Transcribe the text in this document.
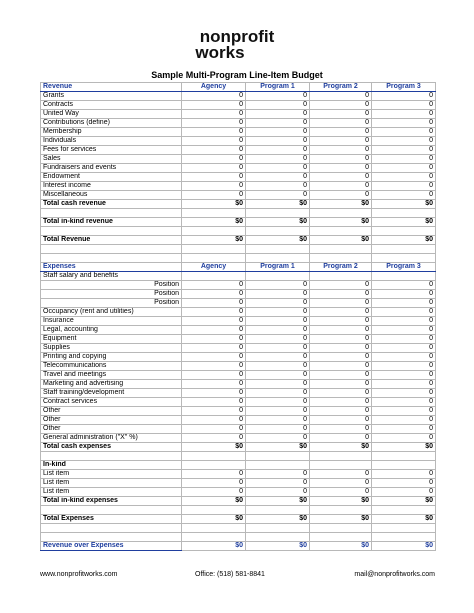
nonprofit
works
Sample Multi-Program Line-Item Budget
Revenue	Agency	Program 1	Program 2	Program 3
Grants	0	0	0	0
Contracts	0	0	0	0
United Way	0	0	0	0
Contributions (define)	0	0	0	0
Membership	0	0	0	0
Individuals	0	0	0	0
Fees for services	0	0	0	0
Sales	0	0	0	0
Fundraisers and events	0	0	0	0
Endowment	0	0	0	0
Interest income	0	0	0	0
Miscellaneous	0	0	0	0
Total cash revenue	$0	$0	$0	$0

Total in-kind revenue	$0	$0	$0	$0

Total Revenue	$0	$0	$0	$0

Expenses	Agency	Program 1	Program 2	Program 3
Staff salary and benefits				
Position	0	0	0	0
Position	0	0	0	0
Position	0	0	0	0
Occupancy (rent and utilities)	0	0	0	0
Insurance	0	0	0	0
Legal, accounting	0	0	0	0
Equipment	0	0	0	0
Supplies	0	0	0	0
Printing and copying	0	0	0	0
Telecommunications	0	0	0	0
Travel and meetings	0	0	0	0
Marketing and advertising	0	0	0	0
Staff training/development	0	0	0	0
Contract services	0	0	0	0
Other	0	0	0	0
Other	0	0	0	0
Other	0	0	0	0
General administration ("X" %)	0	0	0	0
Total cash expenses	$0	$0	$0	$0

In-kind				
List item	0	0	0	0
List item	0	0	0	0
List item	0	0	0	0
Total in-kind expenses	$0	$0	$0	$0

Total Expenses	$0	$0	$0	$0

Revenue over Expenses	$0	$0	$0	$0
www.nonprofitworks.com	Office: (518) 581-8841	mail@nonprofitworks.com
